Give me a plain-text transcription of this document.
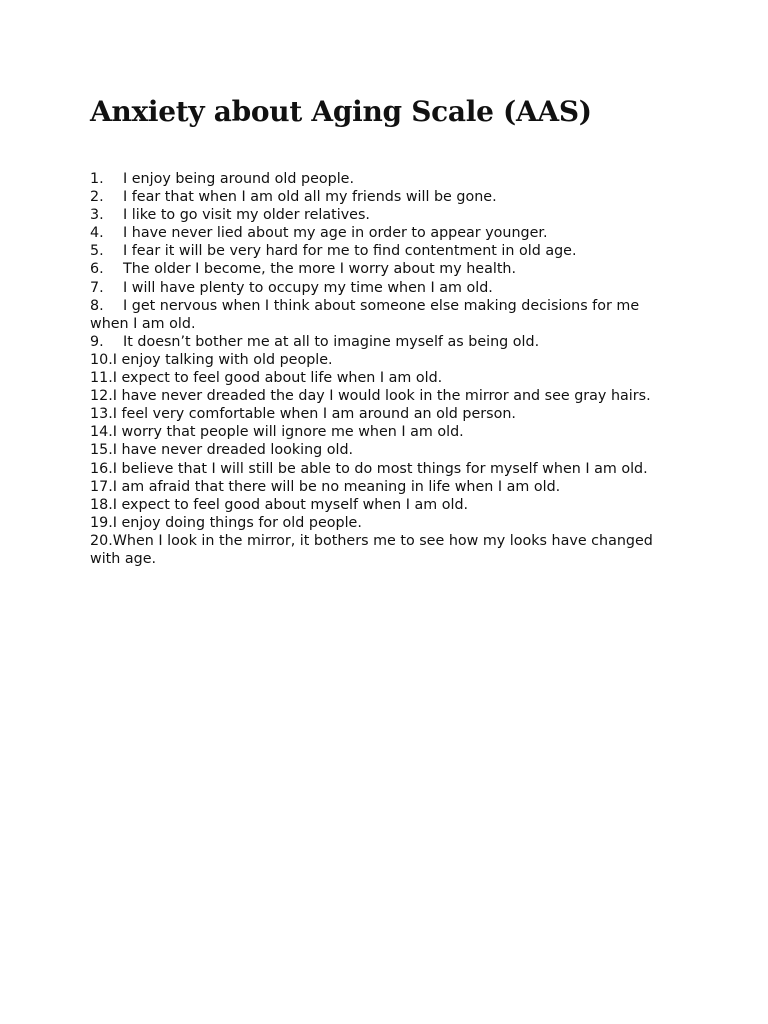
Anxiety about Aging Scale (AAS)
1. I enjoy being around old people.
2. I fear that when I am old all my friends will be gone.
3. I like to go visit my older relatives.
4. I have never lied about my age in order to appear younger.
5. I fear it will be very hard for me to find contentment in old age.
6. The older I become, the more I worry about my health.
7. I will have plenty to occupy my time when I am old.
8. I get nervous when I think about someone else making decisions for me when I am old.
9. It doesn’t bother me at all to imagine myself as being old.
10.I enjoy talking with old people.
11.I expect to feel good about life when I am old.
12.I have never dreaded the day I would look in the mirror and see gray hairs.
13.I feel very comfortable when I am around an old person.
14.I worry that people will ignore me when I am old.
15.I have never dreaded looking old.
16.I believe that I will still be able to do most things for myself when I am old.
17.I am afraid that there will be no meaning in life when I am old.
18.I expect to feel good about myself when I am old.
19.I enjoy doing things for old people.
20.When I look in the mirror, it bothers me to see how my looks have changed with age.
